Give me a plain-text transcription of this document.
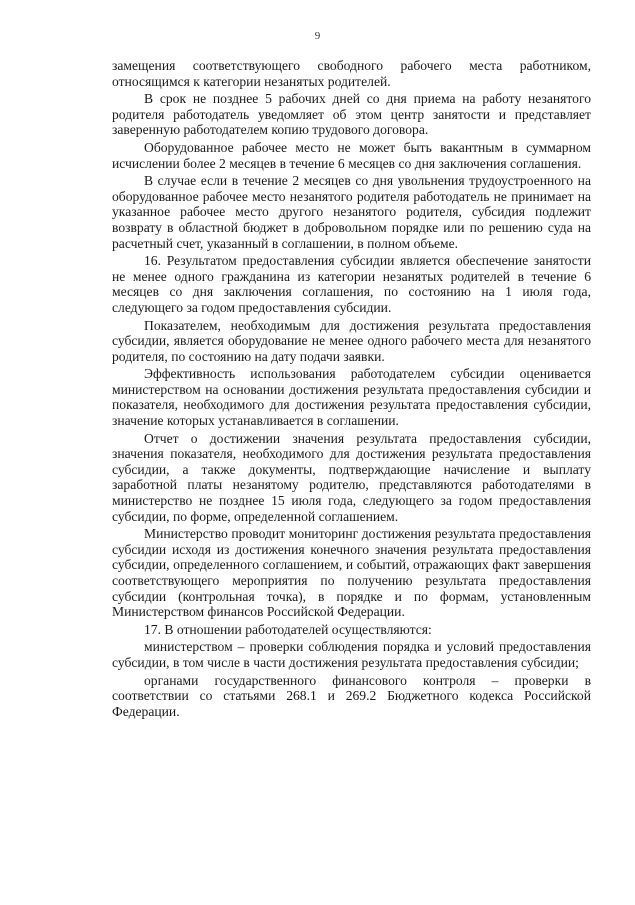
9

замещения соответствующего свободного рабочего места работником, относящимся к категории незанятых родителей.

В срок не позднее 5 рабочих дней со дня приема на работу незанятого родителя работодатель уведомляет об этом центр занятости и представляет заверенную работодателем копию трудового договора.

Оборудованное рабочее место не может быть вакантным в суммарном исчислении более 2 месяцев в течение 6 месяцев со дня заключения соглашения.

В случае если в течение 2 месяцев со дня увольнения трудоустроенного на оборудованное рабочее место незанятого родителя работодатель не принимает на указанное рабочее место другого незанятого родителя, субсидия подлежит возврату в областной бюджет в добровольном порядке или по решению суда на расчетный счет, указанный в соглашении, в полном объеме.

16. Результатом предоставления субсидии является обеспечение занятости не менее одного гражданина из категории незанятых родителей в течение 6 месяцев со дня заключения соглашения, по состоянию на 1 июля года, следующего за годом предоставления субсидии.

Показателем, необходимым для достижения результата предоставления субсидии, является оборудование не менее одного рабочего места для незанятого родителя, по состоянию на дату подачи заявки.

Эффективность использования работодателем субсидии оценивается министерством на основании достижения результата предоставления субсидии и показателя, необходимого для достижения результата предоставления субсидии, значение которых устанавливается в соглашении.

Отчет о достижении значения результата предоставления субсидии, значения показателя, необходимого для достижения результата предоставления субсидии, а также документы, подтверждающие начисление и выплату заработной платы незанятому родителю, представляются работодателями в министерство не позднее 15 июля года, следующего за годом предоставления субсидии, по форме, определенной соглашением.

Министерство проводит мониторинг достижения результата предоставления субсидии исходя из достижения конечного значения результата предоставления субсидии, определенного соглашением, и событий, отражающих факт завершения соответствующего мероприятия по получению результата предоставления субсидии (контрольная точка), в порядке и по формам, установленным Министерством финансов Российской Федерации.

17. В отношении работодателей осуществляются:

министерством – проверки соблюдения порядка и условий предоставления субсидии, в том числе в части достижения результата предоставления субсидии;

органами государственного финансового контроля – проверки в соответствии со статьями 268.1 и 269.2 Бюджетного кодекса Российской Федерации.
